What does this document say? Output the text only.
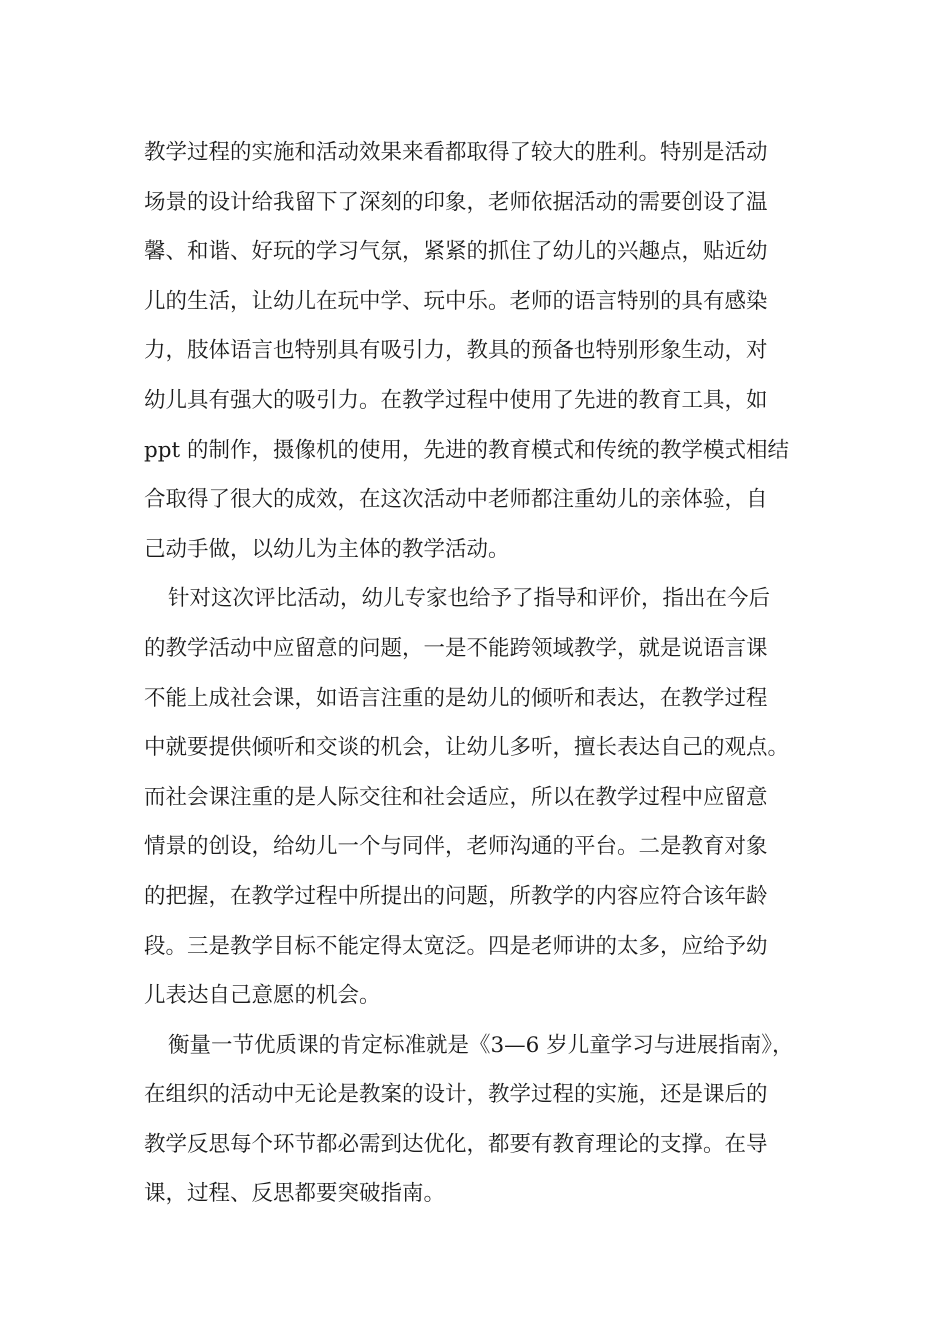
教学过程的实施和活动效果来看都取得了较大的胜利。特别是活动
场景的设计给我留下了深刻的印象，老师依据活动的需要创设了温
馨、和谐、好玩的学习气氛，紧紧的抓住了幼儿的兴趣点，贴近幼
儿的生活，让幼儿在玩中学、玩中乐。老师的语言特别的具有感染
力，肢体语言也特别具有吸引力，教具的预备也特别形象生动，对
幼儿具有强大的吸引力。在教学过程中使用了先进的教育工具，如
ppt 的制作，摄像机的使用，先进的教育模式和传统的教学模式相结
合取得了很大的成效，在这次活动中老师都注重幼儿的亲体验，自
己动手做，以幼儿为主体的教学活动。
针对这次评比活动，幼儿专家也给予了指导和评价，指出在今后
的教学活动中应留意的问题，一是不能跨领域教学，就是说语言课
不能上成社会课，如语言注重的是幼儿的倾听和表达，在教学过程
中就要提供倾听和交谈的机会，让幼儿多听，擅长表达自己的观点。
而社会课注重的是人际交往和社会适应，所以在教学过程中应留意
情景的创设，给幼儿一个与同伴，老师沟通的平台。二是教育对象
的把握，在教学过程中所提出的问题，所教学的内容应符合该年龄
段。三是教学目标不能定得太宽泛。四是老师讲的太多，应给予幼
儿表达自己意愿的机会。
衡量一节优质课的肯定标准就是《3—6 岁儿童学习与进展指南》，
在组织的活动中无论是教案的设计，教学过程的实施，还是课后的
教学反思每个环节都必需到达优化，都要有教育理论的支撑。在导
课，过程、反思都要突破指南。
